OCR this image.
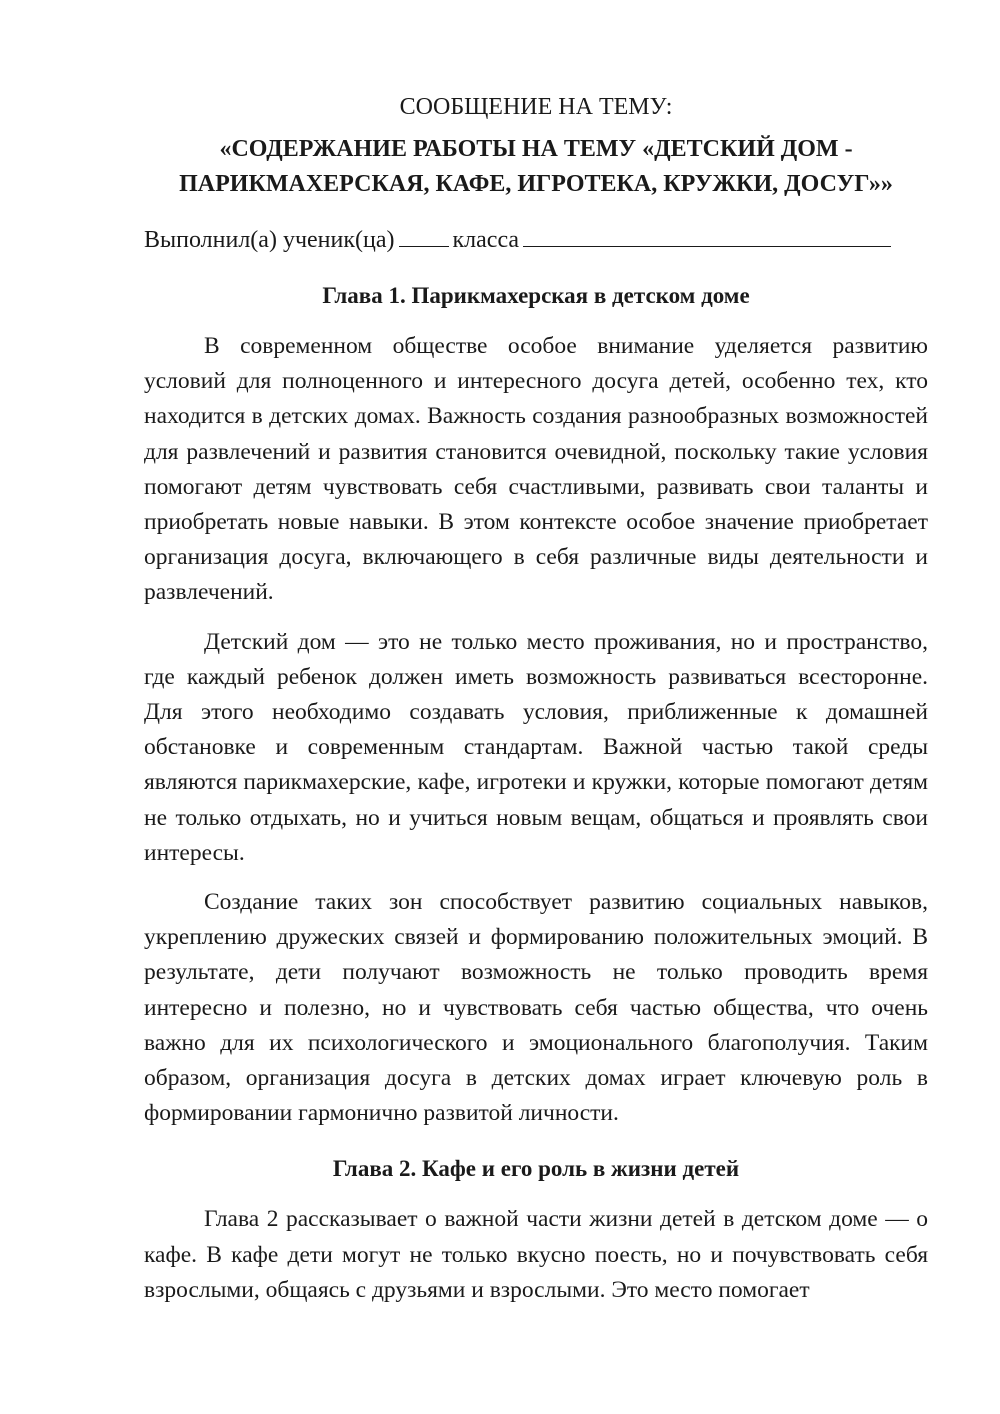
СООБЩЕНИЕ НА ТЕМУ:

«СОДЕРЖАНИЕ РАБОТЫ НА ТЕМУ «ДЕТСКИЙ ДОМ - ПАРИКМАХЕРСКАЯ, КАФЕ, ИГРОТЕКА, КРУЖКИ, ДОСУГ»»

Выполнил(а) ученик(ца) класса

Глава 1. Парикмахерская в детском доме

В современном обществе особое внимание уделяется развитию условий для полноценного и интересного досуга детей, особенно тех, кто находится в детских домах. Важность создания разнообразных возможностей для развлечений и развития становится очевидной, поскольку такие условия помогают детям чувствовать себя счастливыми, развивать свои таланты и приобретать новые навыки. В этом контексте особое значение приобретает организация досуга, включающего в себя различные виды деятельности и развлечений.

Детский дом — это не только место проживания, но и пространство, где каждый ребенок должен иметь возможность развиваться всесторонне. Для этого необходимо создавать условия, приближенные к домашней обстановке и современным стандартам. Важной частью такой среды являются парикмахерские, кафе, игротеки и кружки, которые помогают детям не только отдыхать, но и учиться новым вещам, общаться и проявлять свои интересы.

Создание таких зон способствует развитию социальных навыков, укреплению дружеских связей и формированию положительных эмоций. В результате, дети получают возможность не только проводить время интересно и полезно, но и чувствовать себя частью общества, что очень важно для их психологического и эмоционального благополучия. Таким образом, организация досуга в детских домах играет ключевую роль в формировании гармонично развитой личности.

Глава 2. Кафе и его роль в жизни детей

Глава 2 рассказывает о важной части жизни детей в детском доме — о кафе. В кафе дети могут не только вкусно поесть, но и почувствовать себя взрослыми, общаясь с друзьями и взрослыми. Это место помогает
